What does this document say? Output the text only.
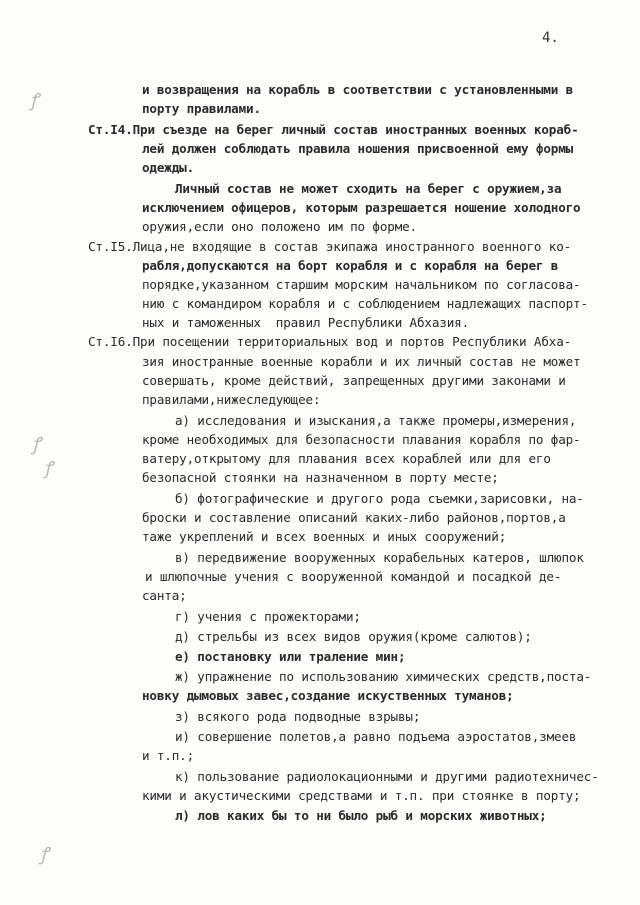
4.
ꝭ
ꝭ
ꝭ
ꝭ
и возвращения на корабль в соответствии с установленными в
порту правилами.
Ст.I4.При съезде на берег личный состав иностранных военных кораб-
лей должен соблюдать правила ношения присвоенной ему формы
одежды.
Личный состав не может сходить на берег с оружием,за
исключением офицеров, которым разрешается ношение холодного
оружия,если оно положено им по форме.
Ст.I5.Лица,не входящие в состав экипажа иностранного военного ко-
рабля,допускаются на борт корабля и с корабля на берег в
порядке,указанном старшим морским начальником по согласова-
нию с командиром корабля и с соблюдением надлежащих паспорт-
ных и таможенных  правил Республики Абхазия.
Ст.I6.При посещении территориальных вод и портов Республики Абха-
зия иностранные военные корабли и их личный состав не может
совершать, кроме действий, запрещенных другими законами и
правилами,нижеследующее:
а) исследования и изыскания,а также промеры,измерения,
кроме необходимых для безопасности плавания корабля по фар-
ватеру,открытому для плавания всех кораблей или для его
безопасной стоянки на назначенном в порту месте;
б) фотографические и другого рода съемки,зарисовки, на-
броски и составление описаний каких-либо районов,портов,а
таже укреплений и всех военных и иных сооружений;
в) передвижение вооруженных корабельных катеров, шлюпок
и шлюпочные учения с вооруженной командой и посадкой де-
санта;
г) учения с прожекторами;
д) стрельбы из всех видов оружия(кроме салютов);
е) постановку или траление мин;
ж) упражнение по использованию химических средств,поста-
новку дымовых завес,создание искуственных туманов;
з) всякого рода подводные взрывы;
и) совершение полетов,а равно подъема аэростатов,змеев
и т.п.;
к) пользование радиолокационными и другими радиотехничес-
кими и акустическими средствами и т.п. при стоянке в порту;
л) лов каких бы то ни было рыб и морских животных;
